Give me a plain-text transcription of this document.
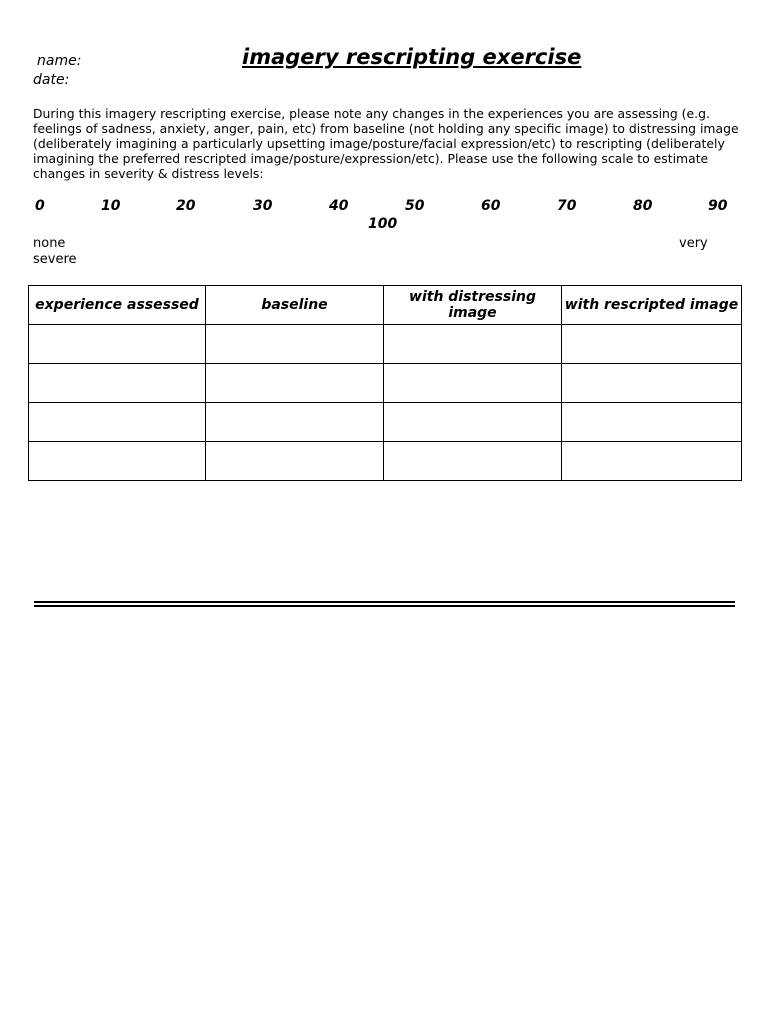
name:
date:
imagery rescripting exercise
During this imagery rescripting exercise, please note any changes in the experiences you are assessing (e.g. feelings of sadness, anxiety, anger, pain, etc) from baseline (not holding any specific image) to distressing image (deliberately imagining a particularly upsetting image/posture/facial expression/etc) to rescripting (deliberately imagining the preferred rescripted image/posture/expression/etc). Please use the following scale to estimate changes in severity & distress levels:
0	10	20	30	40	50	60	70	80	90
100
none	very
severe
experience assessed	baseline	with distressing image	with rescripted image
